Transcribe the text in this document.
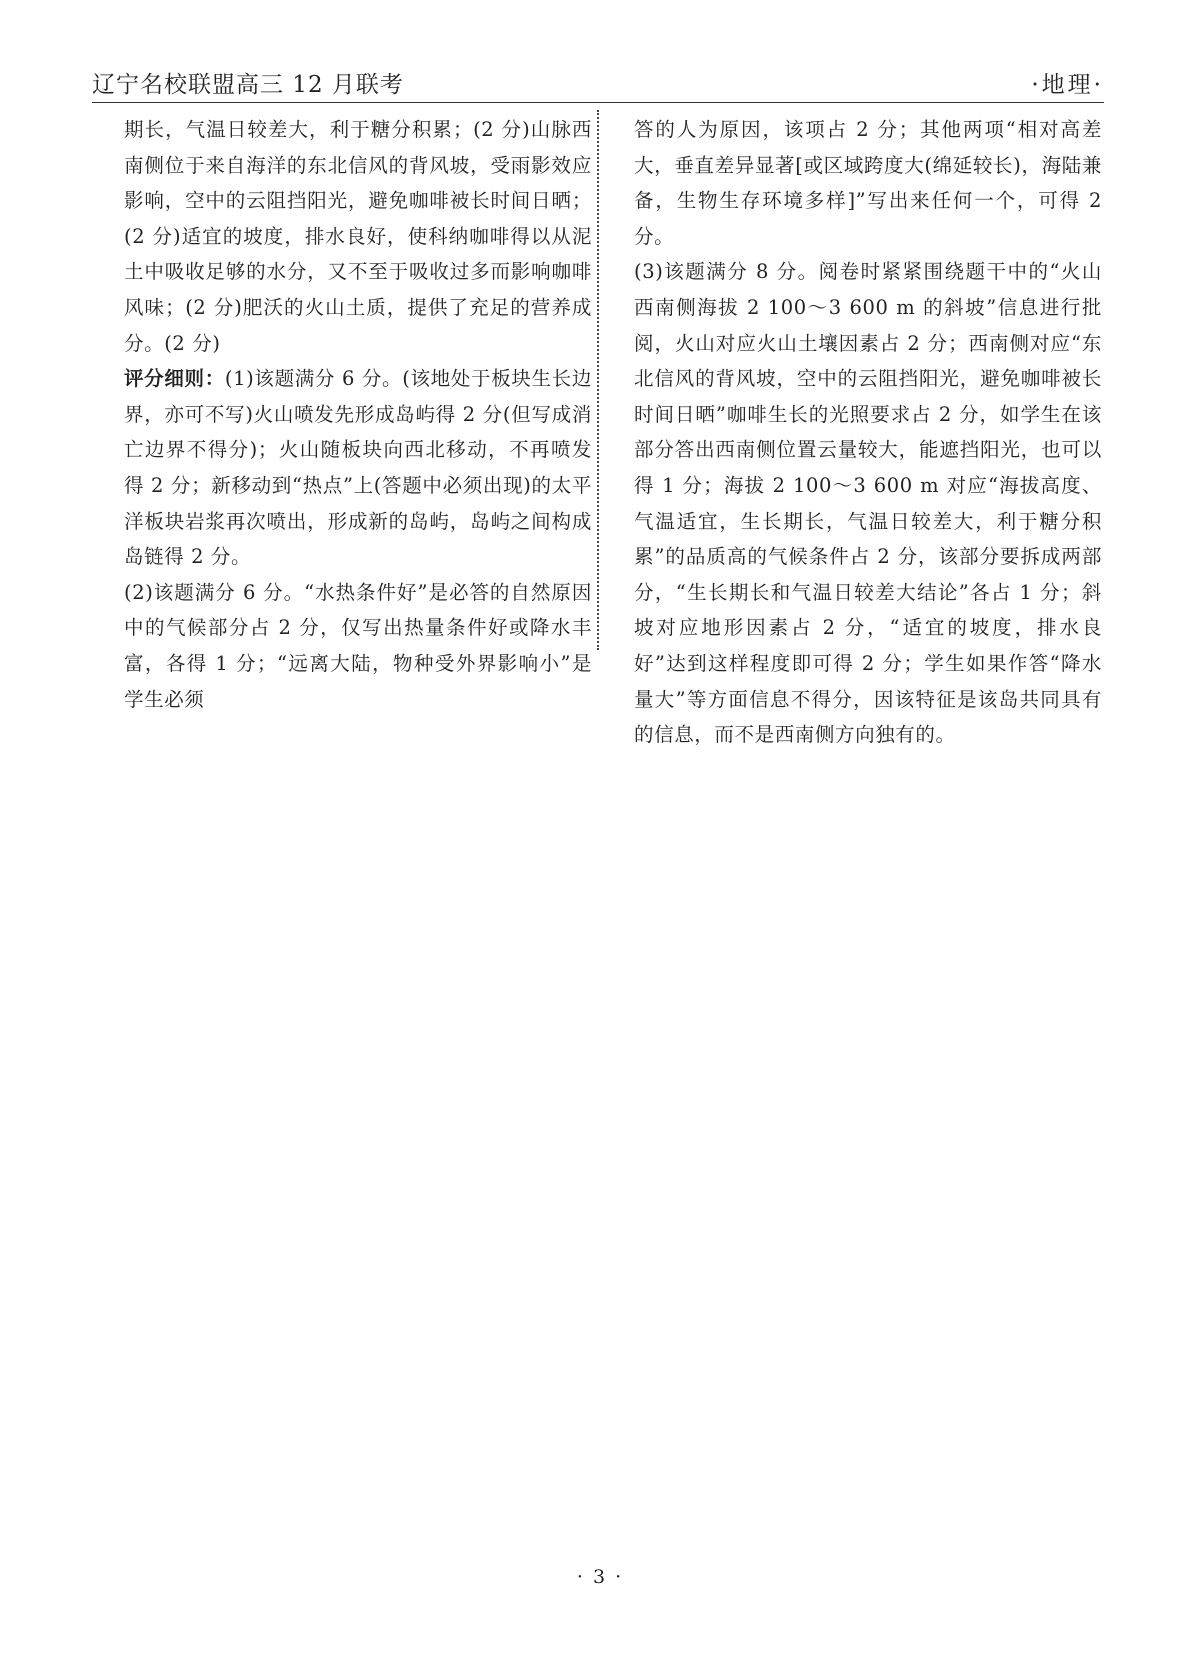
辽宁名校联盟高三 12 月联考	·地理·

期长，气温日较差大，利于糖分积累；(2 分)山脉西南侧位于来自海洋的东北信风的背风坡，受雨影效应影响，空中的云阻挡阳光，避免咖啡被长时间日晒；(2 分)适宜的坡度，排水良好，使科纳咖啡得以从泥土中吸收足够的水分，又不至于吸收过多而影响咖啡风味；(2 分)肥沃的火山土质，提供了充足的营养成分。(2 分)

评分细则：(1)该题满分 6 分。(该地处于板块生长边界，亦可不写)火山喷发先形成岛屿得 2 分(但写成消亡边界不得分)；火山随板块向西北移动，不再喷发得 2 分；新移动到“热点”上(答题中必须出现)的太平洋板块岩浆再次喷出，形成新的岛屿，岛屿之间构成岛链得 2 分。

(2)该题满分 6 分。“水热条件好”是必答的自然原因中的气候部分占 2 分，仅写出热量条件好或降水丰富，各得 1 分；“远离大陆，物种受外界影响小”是学生必须

答的人为原因，该项占 2 分；其他两项“相对高差大，垂直差异显著[或区域跨度大(绵延较长)，海陆兼备，生物生存环境多样]”写出来任何一个，可得 2 分。

(3)该题满分 8 分。阅卷时紧紧围绕题干中的“火山西南侧海拔 2 100～3 600 m 的斜坡”信息进行批阅，火山对应火山土壤因素占 2 分；西南侧对应“东北信风的背风坡，空中的云阻挡阳光，避免咖啡被长时间日晒”咖啡生长的光照要求占 2 分，如学生在该部分答出西南侧位置云量较大，能遮挡阳光，也可以得 1 分；海拔 2 100～3 600 m 对应“海拔高度、气温适宜，生长期长，气温日较差大，利于糖分积累”的品质高的气候条件占 2 分，该部分要拆成两部分，“生长期长和气温日较差大结论”各占 1 分；斜坡对应地形因素占 2 分，“适宜的坡度，排水良好”达到这样程度即可得 2 分；学生如果作答“降水量大”等方面信息不得分，因该特征是该岛共同具有的信息，而不是西南侧方向独有的。

· 3 ·
